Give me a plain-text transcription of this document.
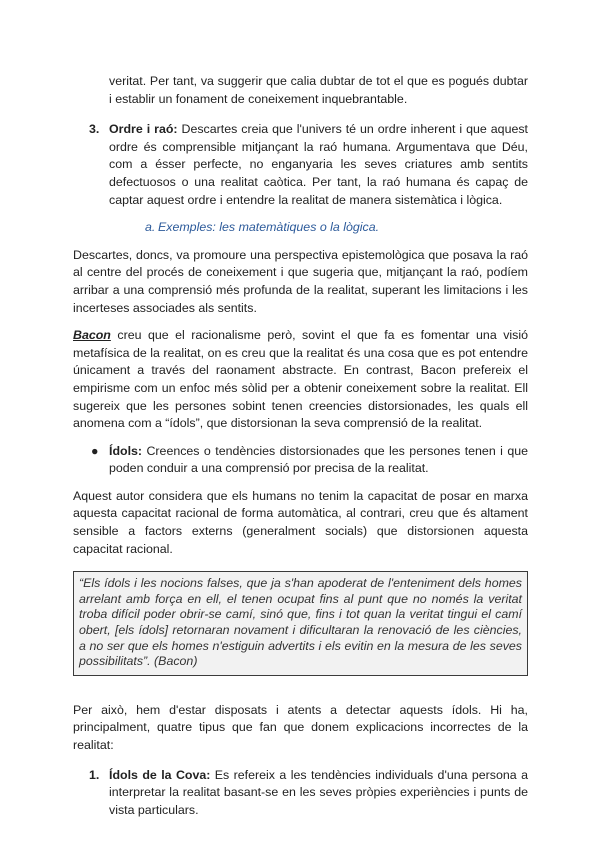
veritat. Per tant, va suggerir que calia dubtar de tot el que es pogués dubtar i establir un fonament de coneixement inquebrantable.

3. Ordre i raó: Descartes creia que l'univers té un ordre inherent i que aquest ordre és comprensible mitjançant la raó humana. Argumentava que Déu, com a ésser perfecte, no enganyaria les seves criatures amb sentits defectuosos o una realitat caòtica. Per tant, la raó humana és capaç de captar aquest ordre i entendre la realitat de manera sistemàtica i lògica.
a. Exemples: les matemàtiques o la lògica.

Descartes, doncs, va promoure una perspectiva epistemològica que posava la raó al centre del procés de coneixement i que sugeria que, mitjançant la raó, podíem arribar a una comprensió més profunda de la realitat, superant les limitacions i les incerteses associades als sentits.

Bacon creu que el racionalisme però, sovint el que fa es fomentar una visió metafísica de la realitat, on es creu que la realitat és una cosa que es pot entendre únicament a través del raonament abstracte. En contrast, Bacon prefereix el empirisme com un enfoc més sòlid per a obtenir coneixement sobre la realitat. Ell sugereix que les persones sobint tenen creencies distorsionades, les quals ell anomena com a “ídols”, que distorsionan la seva comprensió de la realitat.

● Ídols: Creences o tendències distorsionades que les persones tenen i que poden conduir a una comprensió por precisa de la realitat.

Aquest autor considera que els humans no tenim la capacitat de posar en marxa aquesta capacitat racional de forma automàtica, al contrari, creu que és altament sensible a factors externs (generalment socials) que distorsionen aquesta capacitat racional.

“Els ídols i les nocions falses, que ja s'han apoderat de l'enteniment dels homes arrelant amb força en ell, el tenen ocupat fins al punt que no només la veritat troba difícil poder obrir-se camí, sinó que, fins i tot quan la veritat tingui el camí obert, [els ídols] retornaran novament i dificultaran la renovació de les ciències, a no ser que els homes n'estiguin advertits i els evitin en la mesura de les seves possibilitats”. (Bacon)

Per això, hem d'estar disposats i atents a detectar aquests ídols. Hi ha, principalment, quatre tipus que fan que donem explicacions incorrectes de la realitat:

1. Ídols de la Cova: Es refereix a les tendències individuals d'una persona a interpretar la realitat basant-se en les seves pròpies experiències i punts de vista particulars.
